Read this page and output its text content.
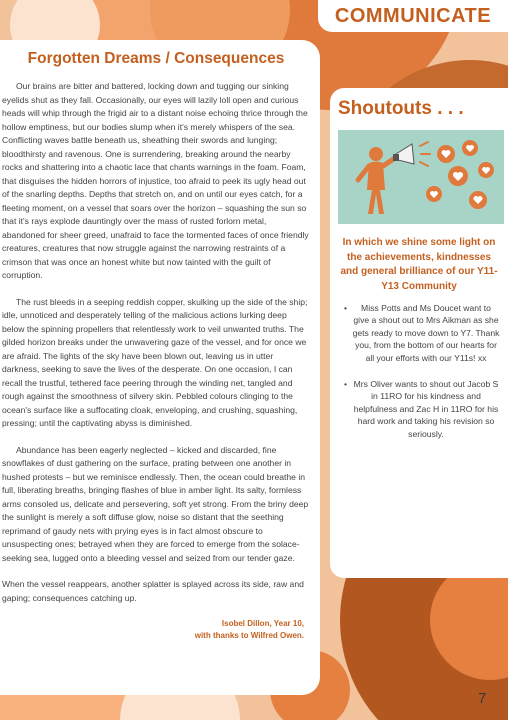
COMMUNICATE
Forgotten Dreams / Consequences

Our brains are bitter and battered, locking down and tugging our sinking eyelids shut as they fall. Occasionally, our eyes will lazily loll open and curious heads will whip through the frigid air to a distant noise echoing thrice through the hollow emptiness, but our bodies slump when it's merely whispers of the sea. Conflicting waves battle beneath us, sheathing their swords and lunging; bloodthirsty and ravenous. One is surrendering, breaking around the nearby rocks and shattering into a chaotic lace that chants warnings in the foam. Foam, that disguises the hidden horrors of injustice, too afraid to peek its ugly head out of the snarling depths. Depths that stretch on, and on until our eyes catch, for a fleeting moment, on a vessel that soars over the horizon – squashing the sun so that it's rays explode dauntingly over the mass of rusted forlorn metal, abandoned for sheer greed, unafraid to face the tormented faces of once friendly creatures, creatures that now struggle against the narrowing restraints of a crimson that was once an honest white but now tainted with the guilt of corruption.

The rust bleeds in a seeping reddish copper, skulking up the side of the ship; idle, unnoticed and desperately telling of the malicious actions lurking deep below the spinning propellers that relentlessly work to veil unwanted truths. The gilded horizon breaks under the unwavering gaze of the vessel, and for once we are afraid. The lights of the sky have been blown out, leaving us in utter darkness, seeking to save the lives of the desperate. On one occasion, I can recall the trustful, tethered face peering through the winding net, tangled and rough against the smoothness of silvery skin. Pebbled colours clinging to the ocean's surface like a suffocating cloak, enveloping, and crushing, squashing, pressing; until the captivating abyss is diminished.

Abundance has been eagerly neglected – kicked and discarded, fine snowflakes of dust gathering on the surface, prating between one another in hushed protests – but we reminisce endlessly. Then, the ocean could breathe in full, liberating breaths, bringing flashes of blue in amber light. Its salty, formless arms consoled us, delicate and persevering, soft yet strong. From the briny deep the sunlight is merely a soft diffuse glow, noise so distant that the seething reprimand of gaudy nets with prying eyes is in fact almost obscure to unsuspecting ones; betrayed when they are forced to emerge from the solace-seeking sea, lugged onto a bleeding vessel and seized from our tender gaze.

When the vessel reappears, another splatter is splayed across its side, raw and gaping; consequences catching up.

Isobel Dillon, Year 10,
with thanks to Wilfred Owen.
Shoutouts . . .
In which we shine some light on the achievements, kindnesses and general brilliance of our Y11-Y13 Community
• Miss Potts and Ms Doucet want to give a shout out to Mrs Aikman as she gets ready to move down to Y7. Thank you, from the bottom of our hearts for all your efforts with our Y11s! xx
• Mrs Oliver wants to shout out Jacob S in 11RO for his kindness and helpfulness and Zac H in 11RO for his hard work and taking his revision so seriously.
7
